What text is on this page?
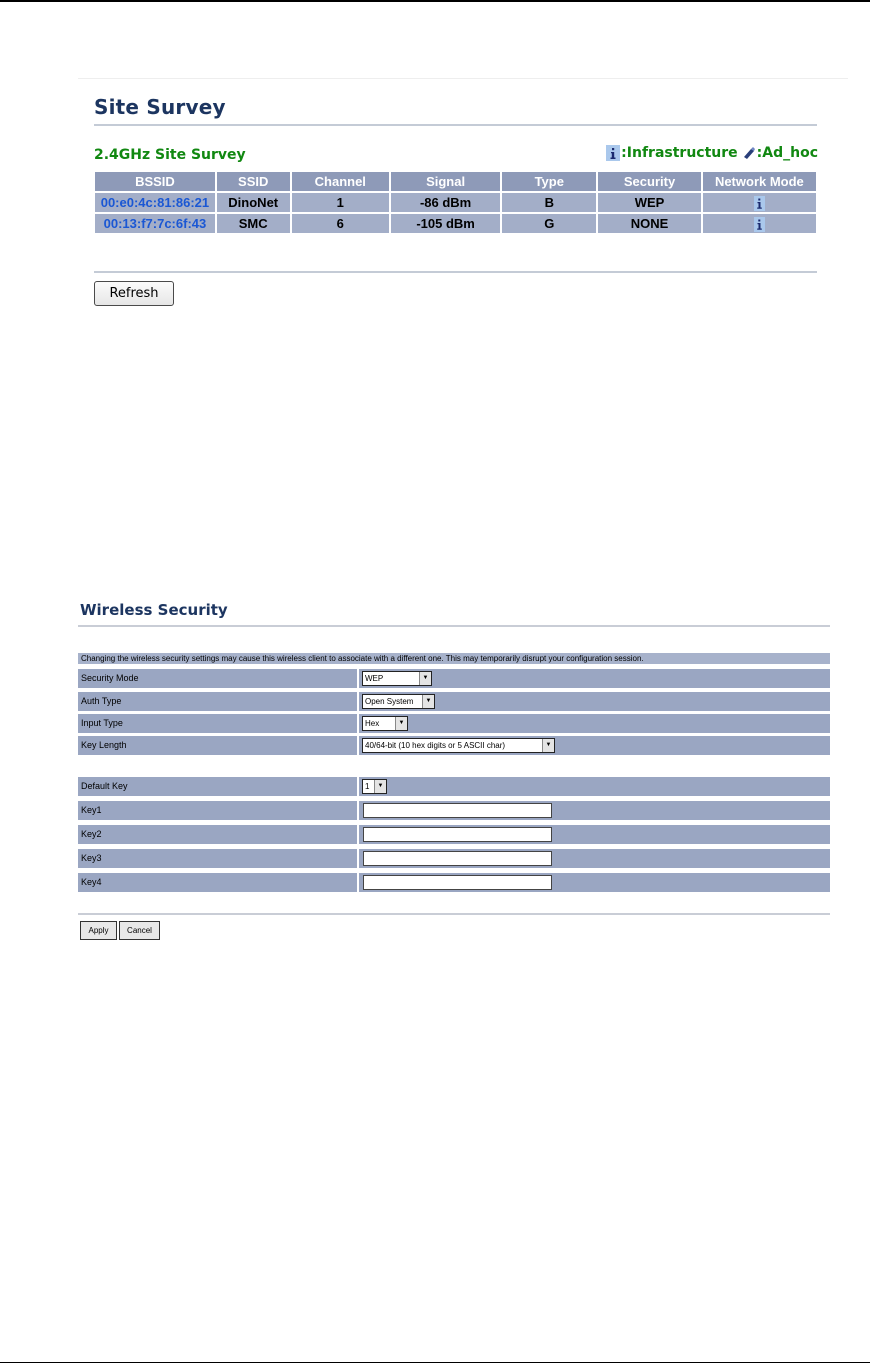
Site Survey
2.4GHz Site Survey	:Infrastructure :Ad_hoc
BSSID	SSID	Channel	Signal	Type	Security	Network Mode
00:e0:4c:81:86:21	DinoNet	1	-86 dBm	B	WEP	
00:13:f7:7c:6f:43	SMC	6	-105 dBm	G	NONE	
Refresh
Wireless Security
Changing the wireless security settings may cause this wireless client to associate with a different one. This may temporarily disrupt your configuration session.
Security Mode	WEP	▼
Auth Type	Open System	▼
Input Type	Hex	▼
Key Length	40/64-bit (10 hex digits or 5 ASCII char)	▼
Default Key	1	▼
Key1
Key2
Key3
Key4
Apply	Cancel
